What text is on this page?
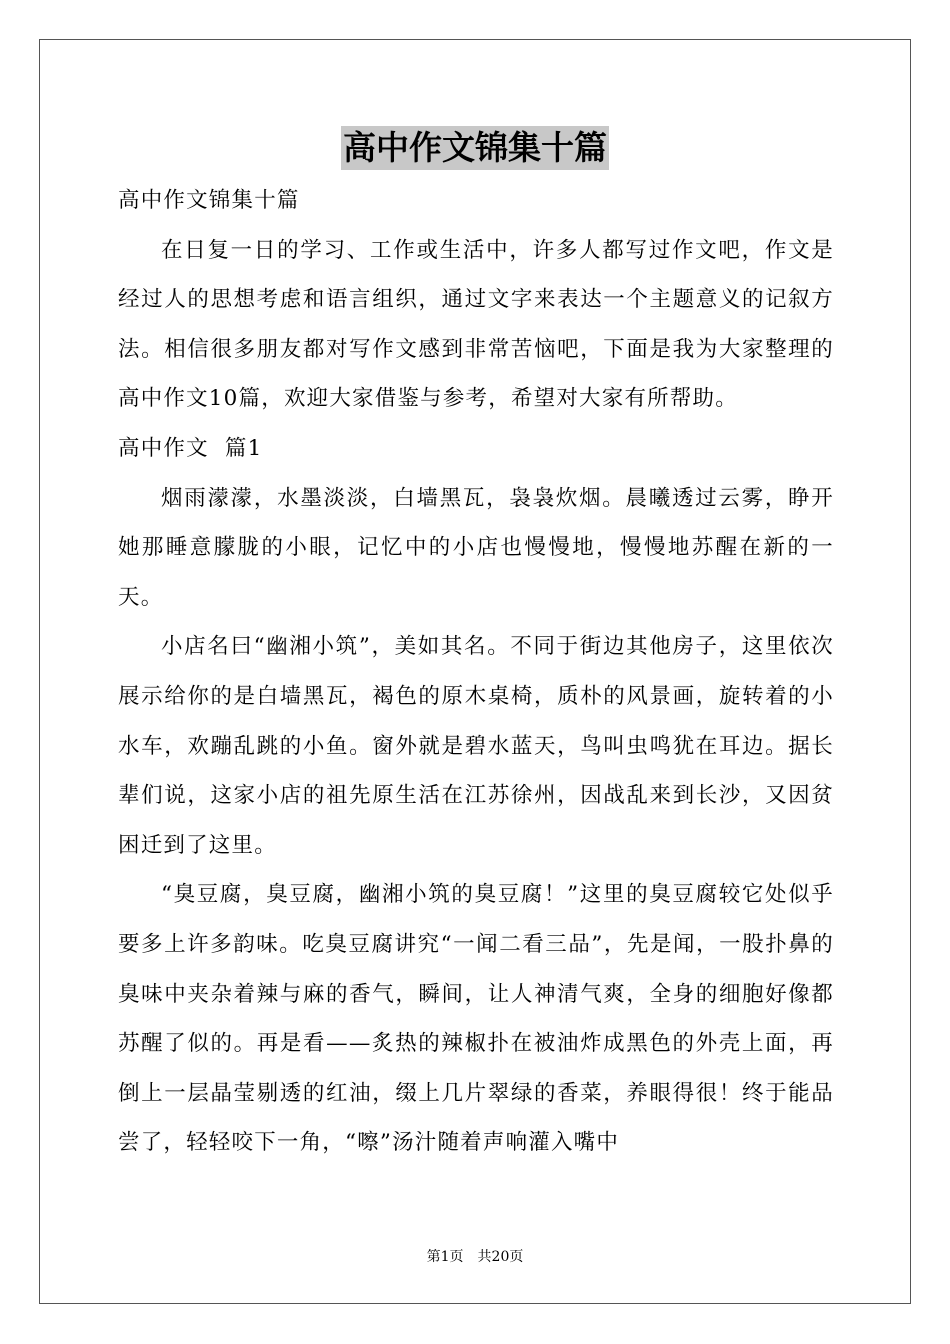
高中作文锦集十篇
高中作文锦集十篇

在日复一日的学习、工作或生活中，许多人都写过作文吧，作文是经过人的思想考虑和语言组织，通过文字来表达一个主题意义的记叙方法。相信很多朋友都对写作文感到非常苦恼吧，下面是我为大家整理的高中作文10篇，欢迎大家借鉴与参考，希望对大家有所帮助。

高中作文  篇1

烟雨濛濛，水墨淡淡，白墙黑瓦，袅袅炊烟。晨曦透过云雾，睁开她那睡意朦胧的小眼，记忆中的小店也慢慢地，慢慢地苏醒在新的一天。

小店名曰“幽湘小筑”，美如其名。不同于街边其他房子，这里依次展示给你的是白墙黑瓦，褐色的原木桌椅，质朴的风景画，旋转着的小水车，欢蹦乱跳的小鱼。窗外就是碧水蓝天，鸟叫虫鸣犹在耳边。据长辈们说，这家小店的祖先原生活在江苏徐州，因战乱来到长沙，又因贫困迁到了这里。

“臭豆腐，臭豆腐，幽湘小筑的臭豆腐！”这里的臭豆腐较它处似乎要多上许多韵味。吃臭豆腐讲究“一闻二看三品”，先是闻，一股扑鼻的臭味中夹杂着辣与麻的香气，瞬间，让人神清气爽，全身的细胞好像都苏醒了似的。再是看——炙热的辣椒扑在被油炸成黑色的外壳上面，再倒上一层晶莹剔透的红油，缀上几片翠绿的香菜，养眼得很！终于能品尝了，轻轻咬下一角，“嚓”汤汁随着声响灌入嘴中

第1页 共20页
